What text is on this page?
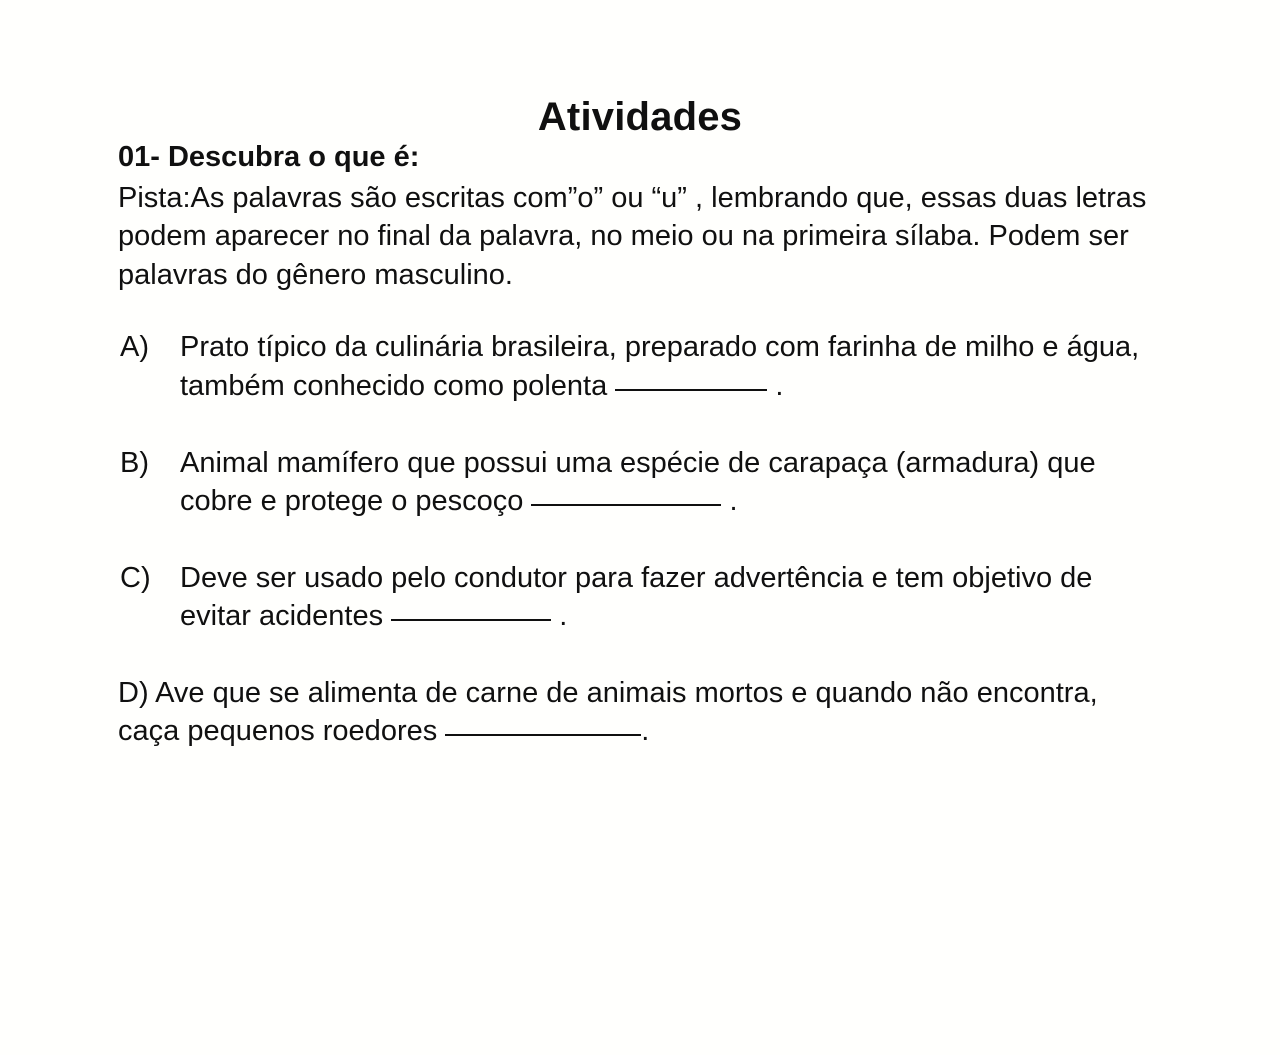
Atividades
01- Descubra o que é:
Pista:As palavras são escritas com”o” ou “u” , lembrando que, essas duas letras podem aparecer no final da palavra, no meio ou na primeira sílaba. Podem ser palavras do gênero masculino.
A)	Prato típico da culinária brasileira, preparado com farinha de milho e água, também conhecido como polenta	.
B)	Animal mamífero que possui uma espécie de carapaça (armadura) que cobre e protege o pescoço	.
C)	Deve ser usado pelo condutor para fazer advertência e tem objetivo de evitar acidentes	.
D) Ave que se alimenta de carne de animais mortos e quando não encontra, caça pequenos roedores	.
